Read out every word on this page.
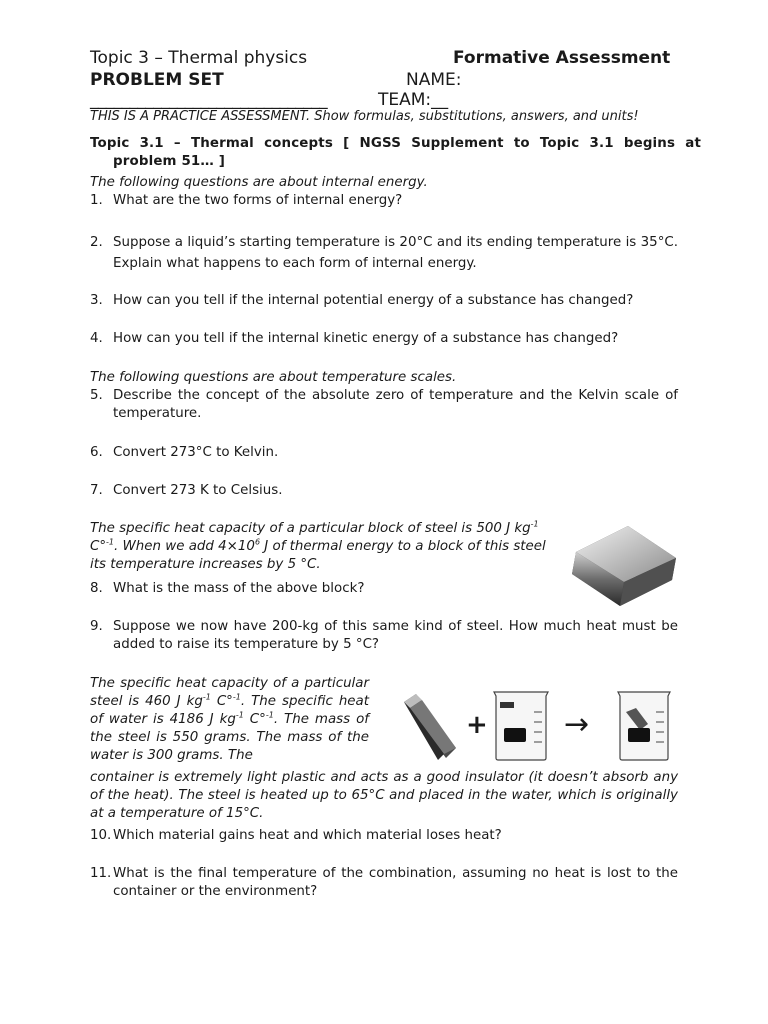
Topic 3 – Thermal physics	Formative Assessment
PROBLEM SET	NAME:
______________________________	TEAM:__
THIS IS A PRACTICE ASSESSMENT. Show formulas, substitutions, answers, and units!
Topic 3.1 – Thermal concepts [ NGSS Supplement to Topic 3.1 begins at problem 51… ]
The following questions are about internal energy.
1. What are the two forms of internal energy?
2. Suppose a liquid’s starting temperature is 20°C and its ending temperature is 35°C. Explain what happens to each form of internal energy.
3. How can you tell if the internal potential energy of a substance has changed?
4. How can you tell if the internal kinetic energy of a substance has changed?
The following questions are about temperature scales.
5. Describe the concept of the absolute zero of temperature and the Kelvin scale of temperature.
6. Convert 273°C to Kelvin.
7. Convert 273 K to Celsius.
The specific heat capacity of a particular block of steel is 500 J $kg^{-1}$ C°$^{-1}$. When we add $4\times 10^6$ J of thermal energy to a block of this steel its temperature increases by 5 °C.
8. What is the mass of the above block?
9. Suppose we now have 200-kg of this same kind of steel. How much heat must be added to raise its temperature by 5 °C?
The specific heat capacity of a particular steel is 460 J $kg^{-1}$ C°$^{-1}$. The specific heat of water is 4186 J $kg^{-1}$ C°$^{-1}$. The mass of the steel is 550 grams. The mass of the water is 300 grams. The
container is extremely light plastic and acts as a good insulator (it doesn’t absorb any of the heat). The steel is heated up to 65°C and placed in the water, which is originally at a temperature of 15°C.
+	→
10. Which material gains heat and which material loses heat?
11. What is the final temperature of the combination, assuming no heat is lost to the container or the environment?
